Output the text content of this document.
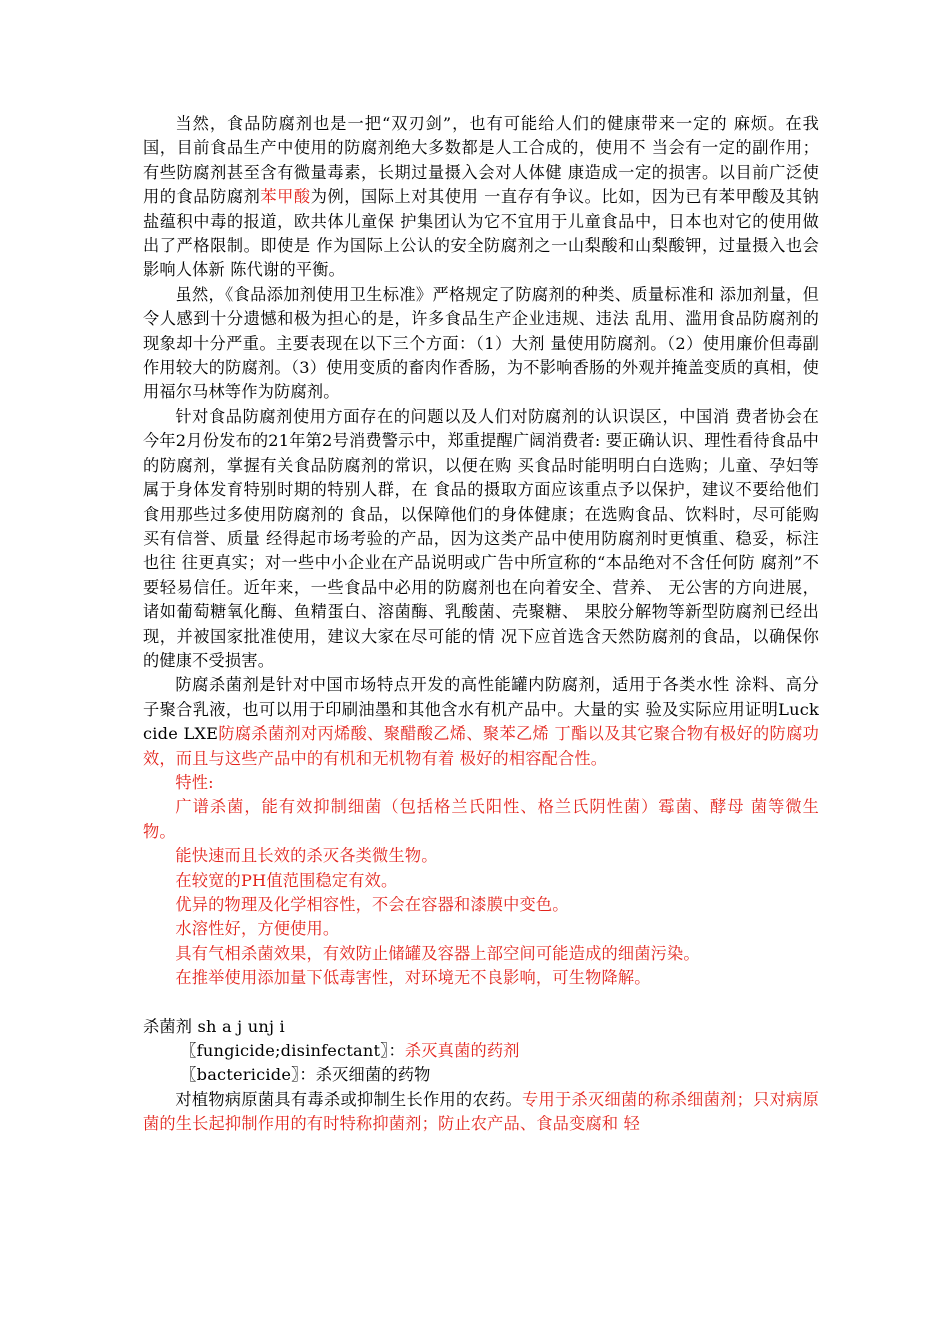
当然，食品防腐剂也是一把“双刃剑”，也有可能给人们的健康带来一定的 麻烦。在我国，目前食品生产中使用的防腐剂绝大多数都是人工合成的，使用不 当会有一定的副作用；有些防腐剂甚至含有微量毒素，长期过量摄入会对人体健 康造成一定的损害。以目前广泛使用的食品防腐剂苯甲酸为例，国际上对其使用 一直存有争议。比如，因为已有苯甲酸及其钠盐蕴积中毒的报道，欧共体儿童保 护集团认为它不宜用于儿童食品中，日本也对它的使用做出了严格限制。即使是 作为国际上公认的安全防腐剂之一山梨酸和山梨酸钾，过量摄入也会影响人体新 陈代谢的平衡。

虽然，《食品添加剂使用卫生标准》严格规定了防腐剂的种类、质量标准和 添加剂量，但令人感到十分遗憾和极为担心的是，许多食品生产企业违规、违法 乱用、滥用食品防腐剂的现象却十分严重。主要表现在以下三个方面：（1）大剂 量使用防腐剂。（2）使用廉价但毒副作用较大的防腐剂。（3）使用变质的畜肉作香肠，为不影响香肠的外观并掩盖变质的真相，使用福尔马林等作为防腐剂。

针对食品防腐剂使用方面存在的问题以及人们对防腐剂的认识误区，中国消 费者协会在今年2月份发布的21年第2号消费警示中，郑重提醒广阔消费者: 要正确认识、理性看待食品中的防腐剂，掌握有关食品防腐剂的常识，以便在购 买食品时能明明白白选购；儿童、孕妇等属于身体发育特别时期的特别人群，在 食品的摄取方面应该重点予以保护，建议不要给他们食用那些过多使用防腐剂的 食品，以保障他们的身体健康；在选购食品、饮料时，尽可能购买有信誉、质量 经得起市场考验的产品，因为这类产品中使用防腐剂时更慎重、稳妥，标注也往 往更真实；对一些中小企业在产品说明或广告中所宣称的“本品绝对不含任何防 腐剂”不要轻易信任。近年来，一些食品中必用的防腐剂也在向着安全、营养、 无公害的方向进展，诸如葡萄糖氧化酶、鱼精蛋白、溶菌酶、乳酸菌、壳聚糖、 果胶分解物等新型防腐剂已经出现，并被国家批准使用，建议大家在尽可能的情 况下应首选含天然防腐剂的食品，以确保你的健康不受损害。

防腐杀菌剂是针对中国市场特点开发的高性能罐内防腐剂，适用于各类水性 涂料、高分子聚合乳液，也可以用于印刷油墨和其他含水有机产品中。大量的实 验及实际应用证明Luckcide LXE防腐杀菌剂对丙烯酸、聚醋酸乙烯、聚苯乙烯 丁酯以及其它聚合物有极好的防腐功效，而且与这些产品中的有机和无机物有着 极好的相容配合性。

特性:

广谱杀菌，能有效抑制细菌（包括格兰氏阳性、格兰氏阴性菌）霉菌、酵母 菌等微生物。

能快速而且长效的杀灭各类微生物。

在较宽的PH值范围稳定有效。

优异的物理及化学相容性，不会在容器和漆膜中变色。

水溶性好，方便使用。

具有气相杀菌效果，有效防止储罐及容器上部空间可能造成的细菌污染。

在推举使用添加量下低毒害性，对环境无不良影响，可生物降解。

杀菌剂 sh a j unj i

〖fungicide;disinfectant〗：杀灭真菌的药剂

〖bactericide〗：杀灭细菌的药物

对植物病原菌具有毒杀或抑制生长作用的农药。专用于杀灭细菌的称杀细菌剂；只对病原菌的生长起抑制作用的有时特称抑菌剂；防止农产品、食品变腐和 轻
